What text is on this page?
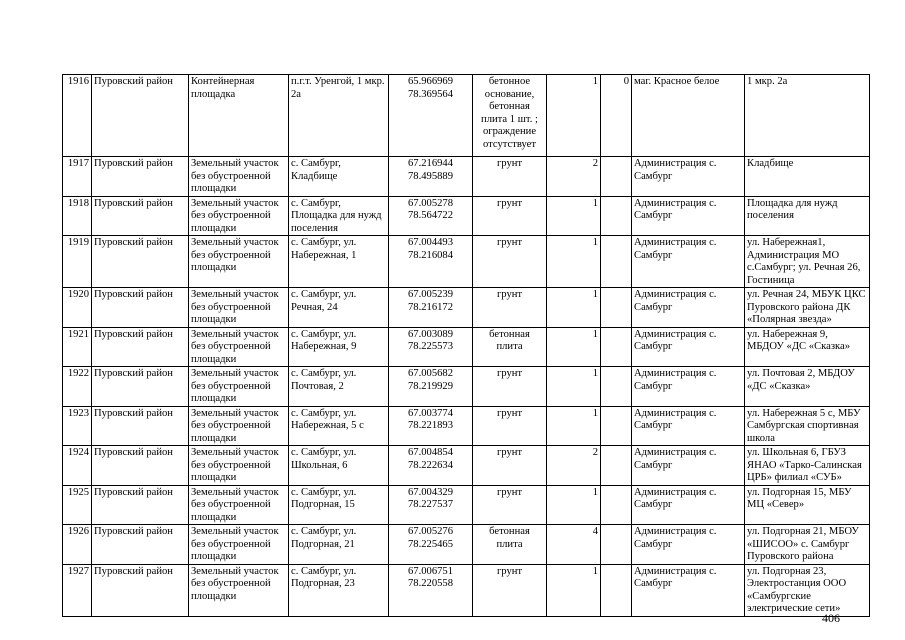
1916	Пуровский район	Контейнерная площадка	п.г.т. Уренгой, 1 мкр. 2а	65.966969 78.369564	бетонное основание, бетонная плита 1 шт. ; ограждение отсутствует	1	0	маг. Красное белое	1 мкр. 2а
1917	Пуровский район	Земельный участок без обустроенной площадки	с. Самбург, Кладбище	67.216944 78.495889	грунт	2		Администрация с. Самбург	Кладбище
1918	Пуровский район	Земельный участок без обустроенной площадки	с. Самбург, Площадка для нужд поселения	67.005278 78.564722	грунт	1		Администрация с. Самбург	Площадка для нужд поселения
1919	Пуровский район	Земельный участок без обустроенной площадки	с. Самбург, ул. Набережная, 1	67.004493 78.216084	грунт	1		Администрация с. Самбург	ул. Набережная1, Администрация МО с.Самбург; ул. Речная 26, Гостиница
1920	Пуровский район	Земельный участок без обустроенной площадки	с. Самбург, ул. Речная, 24	67.005239 78.216172	грунт	1		Администрация с. Самбург	ул. Речная 24, МБУК ЦКС Пуровского района ДК «Полярная звезда»
1921	Пуровский район	Земельный участок без обустроенной площадки	с. Самбург, ул. Набережная, 9	67.003089 78.225573	бетонная плита	1		Администрация с. Самбург	ул. Набережная 9, МБДОУ «ДС «Сказка»
1922	Пуровский район	Земельный участок без обустроенной площадки	с. Самбург, ул. Почтовая, 2	67.005682 78.219929	грунт	1		Администрация с. Самбург	ул. Почтовая 2, МБДОУ «ДС «Сказка»
1923	Пуровский район	Земельный участок без обустроенной площадки	с. Самбург, ул. Набережная, 5 с	67.003774 78.221893	грунт	1		Администрация с. Самбург	ул. Набережная 5 с, МБУ Самбургская спортивная школа
1924	Пуровский район	Земельный участок без обустроенной площадки	с. Самбург, ул. Школьная, 6	67.004854 78.222634	грунт	2		Администрация с. Самбург	ул. Школьная 6, ГБУЗ ЯНАО «Тарко-Салинская ЦРБ» филиал «СУБ»
1925	Пуровский район	Земельный участок без обустроенной площадки	с. Самбург, ул. Подгорная, 15	67.004329 78.227537	грунт	1		Администрация с. Самбург	ул. Подгорная 15, МБУ МЦ «Север»
1926	Пуровский район	Земельный участок без обустроенной площадки	с. Самбург, ул. Подгорная, 21	67.005276 78.225465	бетонная плита	4		Администрация с. Самбург	ул. Подгорная 21, МБОУ «ШИСОО» с. Самбург Пуровского района
1927	Пуровский район	Земельный участок без обустроенной площадки	с. Самбург, ул. Подгорная, 23	67.006751 78.220558	грунт	1		Администрация с. Самбург	ул. Подгорная 23, Электростанция ООО «Самбургские электрические сети»
406
